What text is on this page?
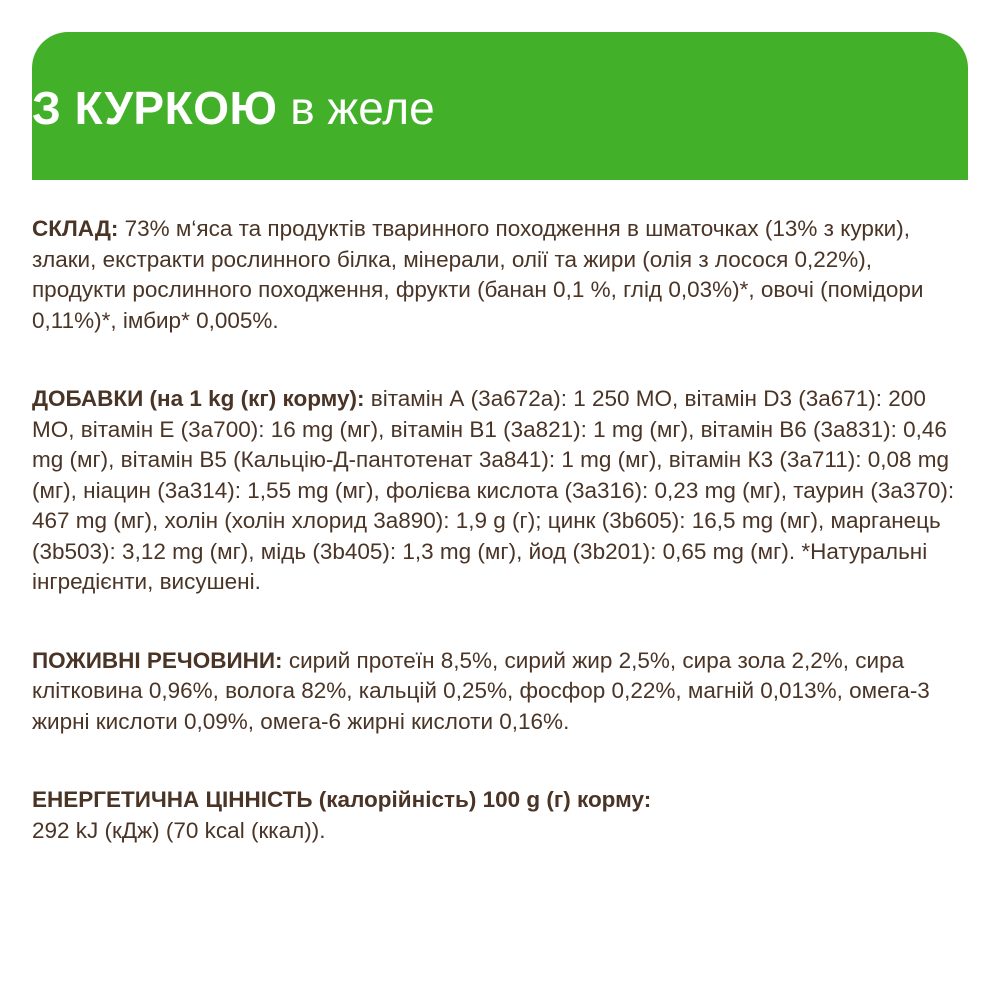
З КУРКОЮ в желе

СКЛАД: 73% м‘яса та продуктів тваринного походження в шматочках (13% з курки), злаки, екстракти рослинного білка, мінерали, олії та жири (олія з лосося 0,22%), продукти рослинного походження, фрукти (банан 0,1 %, глід 0,03%)*, овочі (помідори 0,11%)*, імбир* 0,005%.

ДОБАВКИ (на 1 kg (кг) корму): вітамін А (3a672a): 1 250 МО, вітамін D3 (3a671): 200 МО, вітамін Е (3a700): 16 mg (мг), вітамін В1 (3a821): 1 mg (мг), вітамін В6 (3a831): 0,46 mg (мг), вітамін В5 (Кальцію-Д-пантотенат 3a841): 1 mg (мг), вітамін К3 (3a711): 0,08 mg (мг), ніацин (3a314): 1,55 mg (мг), фолієва кислота (3a316): 0,23 mg (мг), таурин (3a370): 467 mg (мг), холін (холін хлорид 3a890): 1,9 g (г); цинк (3b605): 16,5 mg (мг), марганець (3b503): 3,12 mg (мг), мідь (3b405): 1,3 mg (мг), йод (3b201): 0,65 mg (мг). *Натуральні інгредієнти, висушені.

ПОЖИВНІ РЕЧОВИНИ: сирий протеїн 8,5%, сирий жир 2,5%, сира зола 2,2%, сира клітковина 0,96%, волога 82%, кальцій 0,25%, фосфор 0,22%, магній 0,013%, омега-3 жирні кислоти 0,09%, омега-6 жирні кислоти 0,16%.

ЕНЕРГЕТИЧНА ЦІННІСТЬ (калорійність) 100 g (г) корму:
292 kJ (кДж) (70 kcal (ккал)).
